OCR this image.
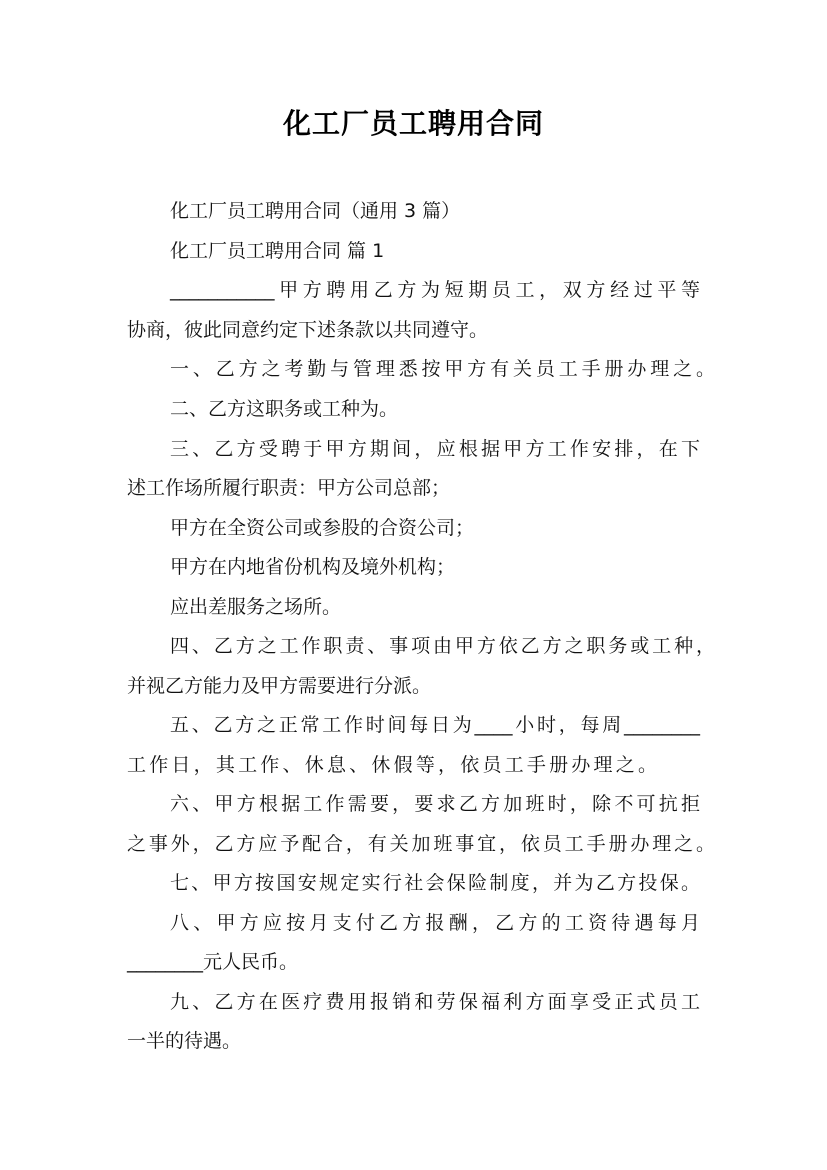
化工厂员工聘用合同
化工厂员工聘用合同（通用 3 篇）
化工厂员工聘用合同 篇 1
___________甲方聘用乙方为短期员工，双方经过平等
协商，彼此同意约定下述条款以共同遵守。
一、乙方之考勤与管理悉按甲方有关员工手册办理之。
二、乙方这职务或工种为。
三、乙方受聘于甲方期间，应根据甲方工作安排，在下
述工作场所履行职责：甲方公司总部；
甲方在全资公司或参股的合资公司；
甲方在内地省份机构及境外机构；
应出差服务之场所。
四、乙方之工作职责、事项由甲方依乙方之职务或工种，
并视乙方能力及甲方需要进行分派。
五、乙方之正常工作时间每日为____小时，每周________
工作日，其工作、休息、休假等，依员工手册办理之。
六、甲方根据工作需要，要求乙方加班时，除不可抗拒
之事外，乙方应予配合，有关加班事宜，依员工手册办理之。
七、甲方按国安规定实行社会保险制度，并为乙方投保。
八、甲方应按月支付乙方报酬，乙方的工资待遇每月
________元人民币。
九、乙方在医疗费用报销和劳保福利方面享受正式员工
一半的待遇。
